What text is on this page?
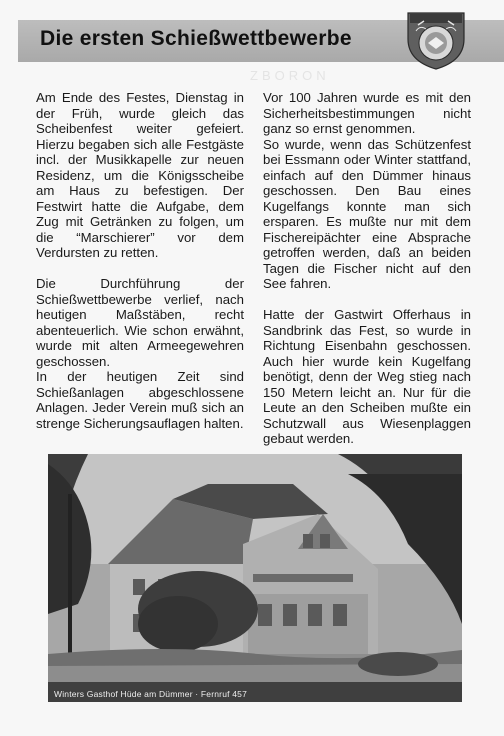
Die ersten Schießwettbewerbe
ZBORON

Am Ende des Festes, Dienstag in der Früh, wurde gleich das Scheibenfest weiter gefeiert. Hierzu begaben sich alle Festgäste incl. der Musikkapelle zur neuen Residenz, um die Königsscheibe am Haus zu befestigen. Der Festwirt hatte die Aufgabe, dem Zug mit Getränken zu folgen, um die “Marschierer” vor dem Verdursten zu retten.

Die Durchführung der Schießwettbewerbe verlief, nach heutigen Maßstäben, recht abenteuerlich. Wie schon erwähnt, wurde mit alten Armeegewehren geschossen.

In der heutigen Zeit sind Schießanlagen abgeschlossene Anlagen. Jeder Verein muß sich an strenge Sicherungsauflagen halten.

Vor 100 Jahren wurde es mit den Sicherheitsbestimmungen nicht ganz so ernst genommen.

So wurde, wenn das Schützenfest bei Essmann oder Winter stattfand, einfach auf den Dümmer hinaus geschossen. Den Bau eines Kugelfangs konnte man sich ersparen. Es mußte nur mit dem Fischereipächter eine Absprache getroffen werden, daß an beiden Tagen die Fischer nicht auf den See fahren.

Hatte der Gastwirt Offerhaus in Sandbrink das Fest, so wurde in Richtung Eisenbahn geschossen. Auch hier wurde kein Kugelfang benötigt, denn der Weg stieg nach 150 Metern leicht an. Nur für die Leute an den Scheiben mußte ein Schutzwall aus Wiesenplaggen gebaut werden.

Winters Gasthof Hüde am Dümmer · Fernruf 457
